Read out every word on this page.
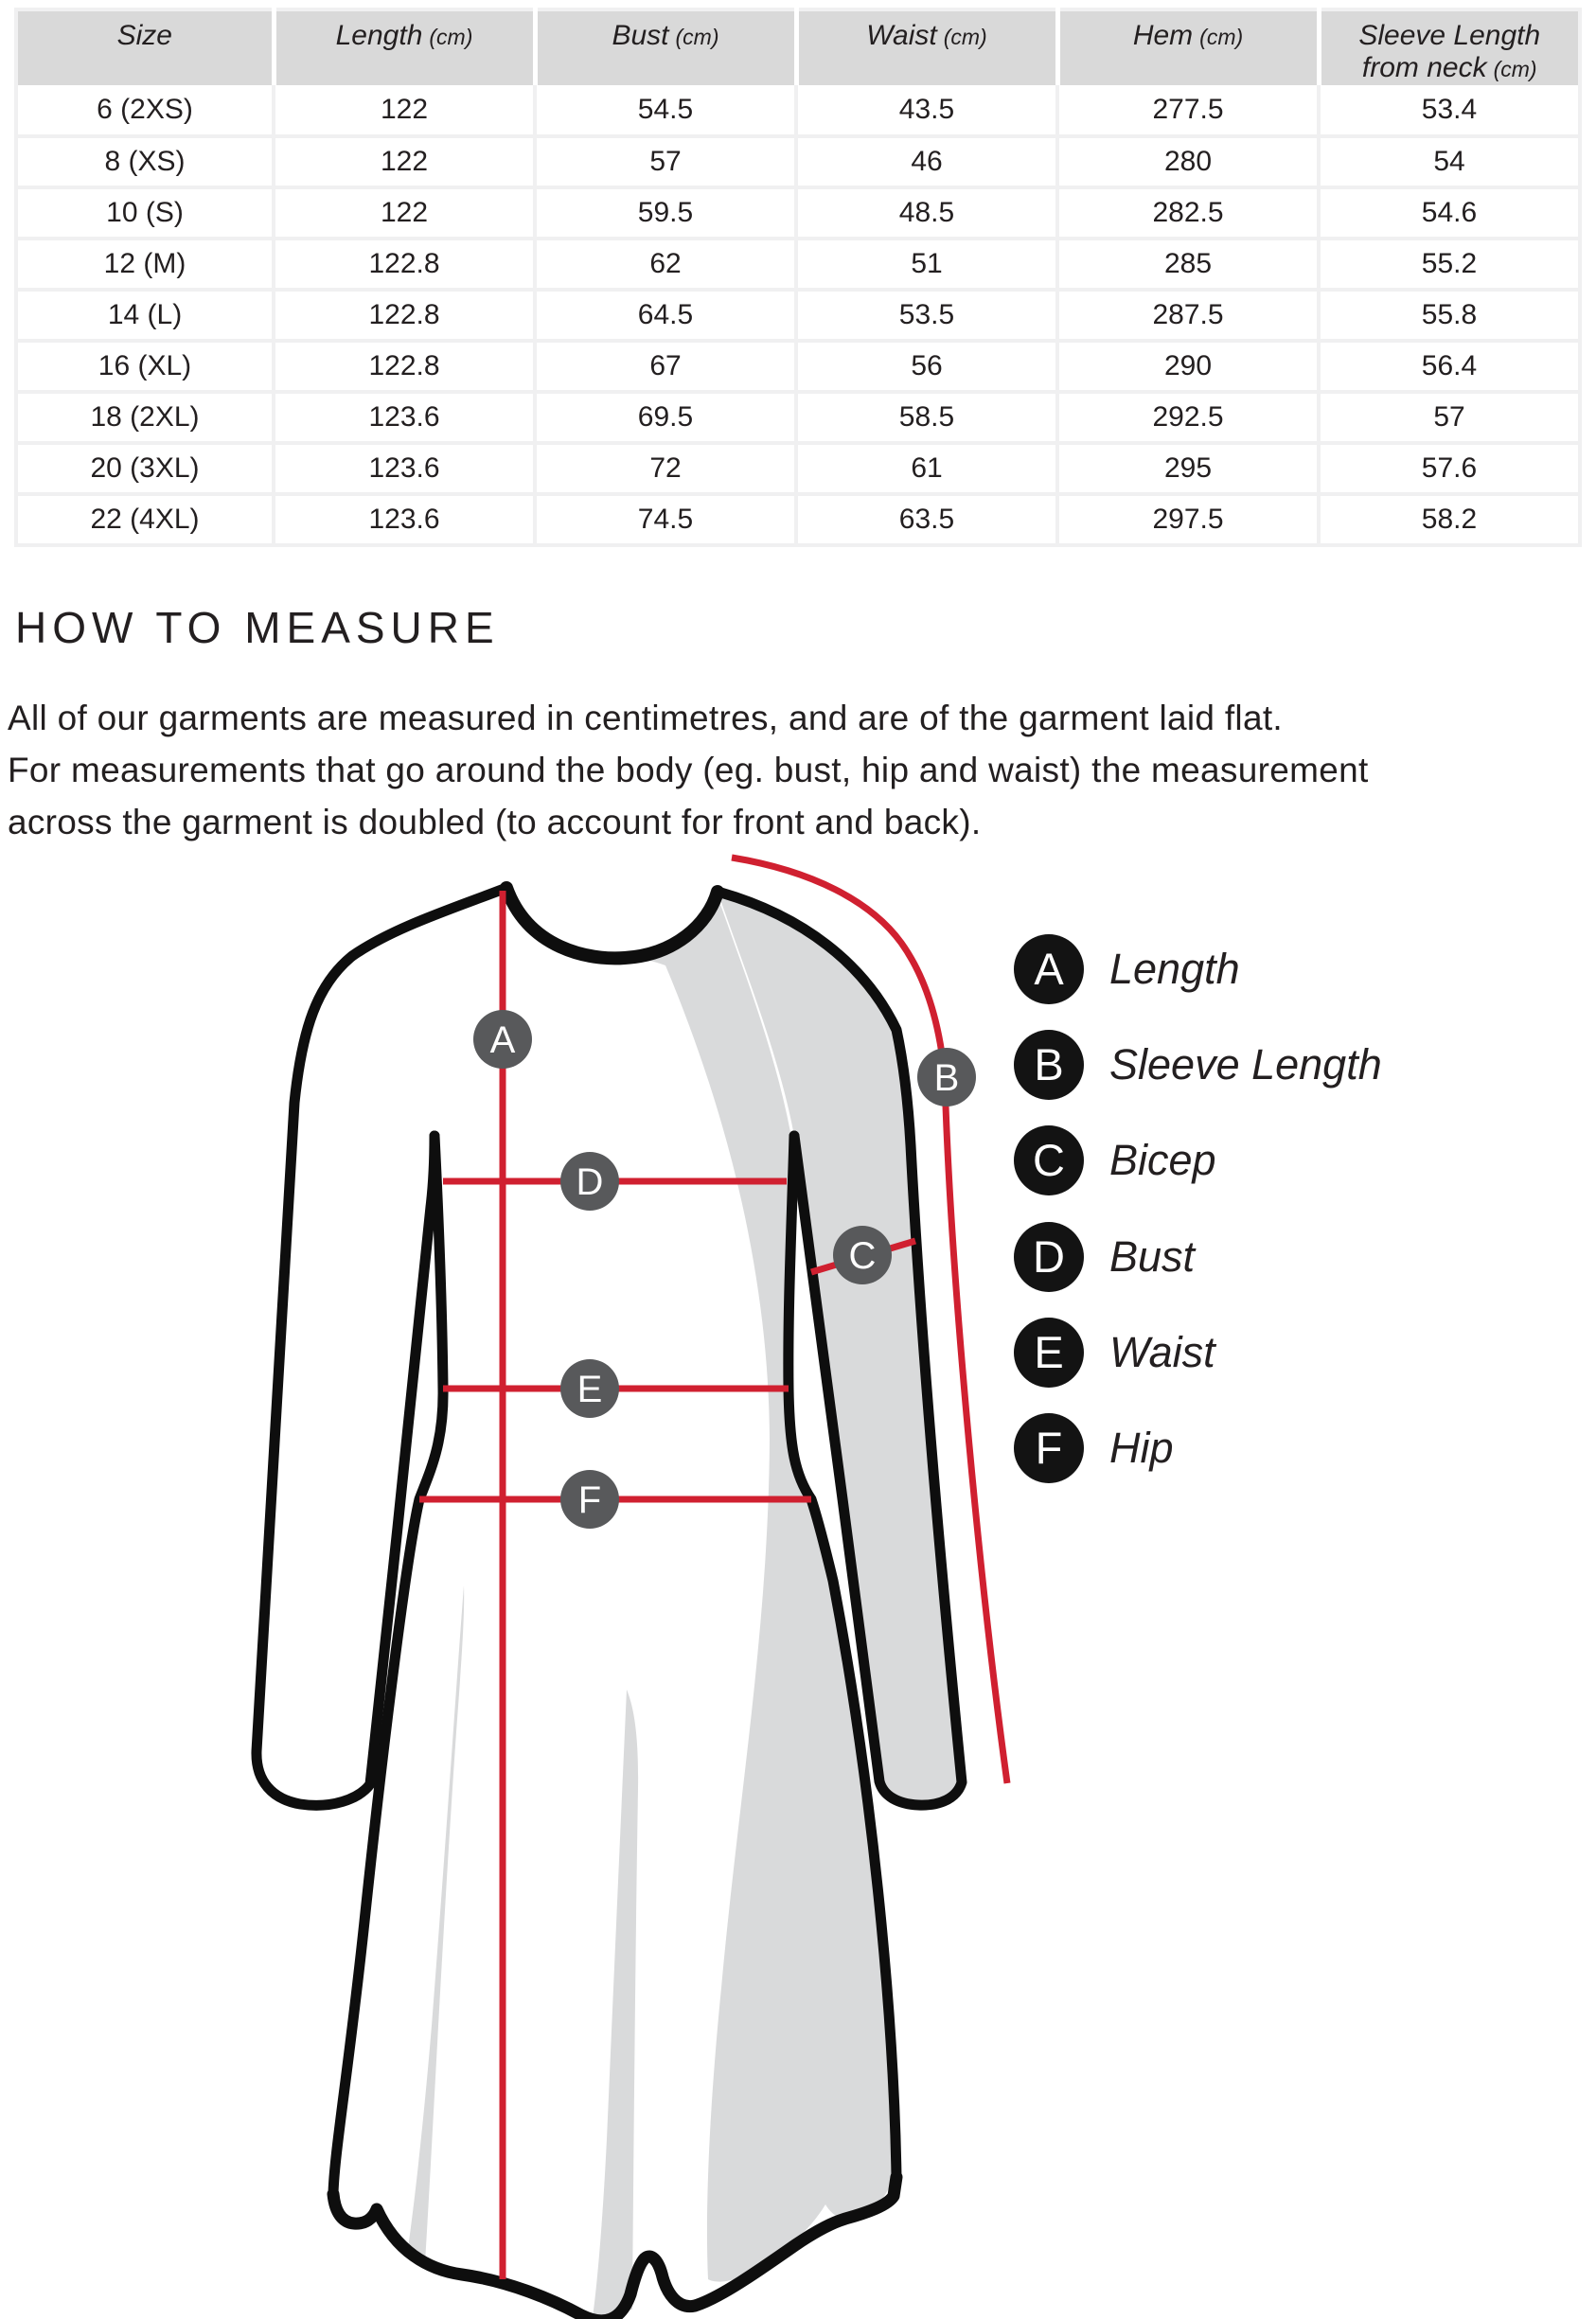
Size	Length (cm)	Bust (cm)	Waist (cm)	Hem (cm)	Sleeve Length
from neck (cm)

6 (2XS)	122	54.5	43.5	277.5	53.4
8 (XS)	122	57	46	280	54
10 (S)	122	59.5	48.5	282.5	54.6
12 (M)	122.8	62	51	285	55.2
14 (L)	122.8	64.5	53.5	287.5	55.8
16 (XL)	122.8	67	56	290	56.4
18 (2XL)	123.6	69.5	58.5	292.5	57
20 (3XL)	123.6	72	61	295	57.6
22 (4XL)	123.6	74.5	63.5	297.5	58.2
HOW TO MEASURE
All of our garments are measured in centimetres, and are of the garment laid flat.
For measurements that go around the body (eg. bust, hip and waist) the measurement
across the garment is doubled (to account for front and back).
A
B
C
D
E
F
A Length
B Sleeve Length
C Bicep
D Bust
E Waist
F Hip
